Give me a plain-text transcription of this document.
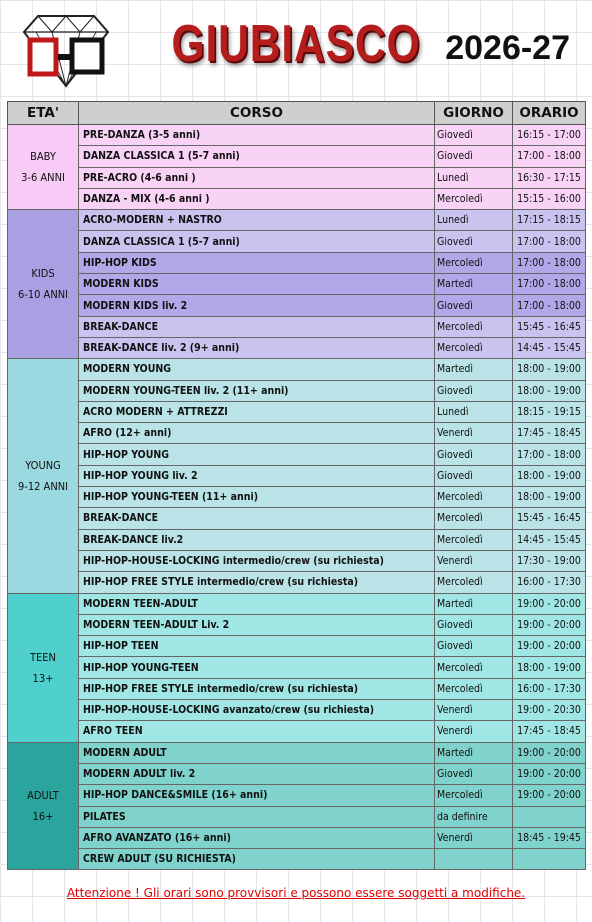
GIUBIASCO 2026-27
ETA'	CORSO	GIORNO	ORARIO

BABY
3-6 ANNI	PRE-DANZA (3-5 anni)	Giovedì	16:15 - 17:00
	DANZA CLASSICA 1 (5-7 anni)	Giovedì	17:00 - 18:00
	PRE-ACRO (4-6 anni )	Lunedì	16:30 - 17:15
	DANZA - MIX (4-6 anni )	Mercoledì	15:15 - 16:00

KIDS
6-10 ANNI	ACRO-MODERN + NASTRO	Lunedì	17:15 - 18:15
	DANZA CLASSICA 1 (5-7 anni)	Giovedì	17:00 - 18:00
	HIP-HOP KIDS	Mercoledì	17:00 - 18:00
	MODERN KIDS	Martedì	17:00 - 18:00
	MODERN KIDS liv. 2	Giovedì	17:00 - 18:00
	BREAK-DANCE	Mercoledì	15:45 - 16:45
	BREAK-DANCE liv. 2 (9+ anni)	Mercoledì	14:45 - 15:45

YOUNG
9-12 ANNI	MODERN YOUNG	Martedì	18:00 - 19:00
	MODERN YOUNG-TEEN liv. 2 (11+ anni)	Giovedì	18:00 - 19:00
	ACRO MODERN + ATTREZZI	Lunedì	18:15 - 19:15
	AFRO (12+ anni)	Venerdì	17:45 - 18:45
	HIP-HOP YOUNG	Giovedì	17:00 - 18:00
	HIP-HOP YOUNG liv. 2	Giovedì	18:00 - 19:00
	HIP-HOP YOUNG-TEEN (11+ anni)	Mercoledì	18:00 - 19:00
	BREAK-DANCE	Mercoledì	15:45 - 16:45
	BREAK-DANCE liv.2	Mercoledì	14:45 - 15:45
	HIP-HOP-HOUSE-LOCKING intermedio/crew (su richiesta)	Venerdì	17:30 - 19:00
	HIP-HOP FREE STYLE intermedio/crew (su richiesta)	Mercoledì	16:00 - 17:30

TEEN
13+	MODERN TEEN-ADULT	Martedì	19:00 - 20:00
	MODERN TEEN-ADULT Liv. 2	Giovedì	19:00 - 20:00
	HIP-HOP TEEN	Giovedì	19:00 - 20:00
	HIP-HOP YOUNG-TEEN	Mercoledì	18:00 - 19:00
	HIP-HOP FREE STYLE intermedio/crew (su richiesta)	Mercoledì	16:00 - 17:30
	HIP-HOP-HOUSE-LOCKING avanzato/crew (su richiesta)	Venerdì	19:00 - 20:30
	AFRO TEEN	Venerdì	17:45 - 18:45

ADULT
16+	MODERN ADULT	Martedì	19:00 - 20:00
	MODERN ADULT liv. 2	Giovedì	19:00 - 20:00
	HIP-HOP DANCE&SMILE (16+ anni)	Mercoledì	19:00 - 20:00
	PILATES	da definire	
	AFRO AVANZATO (16+ anni)	Venerdì	18:45 - 19:45
	CREW ADULT (SU RICHIESTA)		
Attenzione ! Gli orari sono provvisori e possono essere soggetti a modifiche.
